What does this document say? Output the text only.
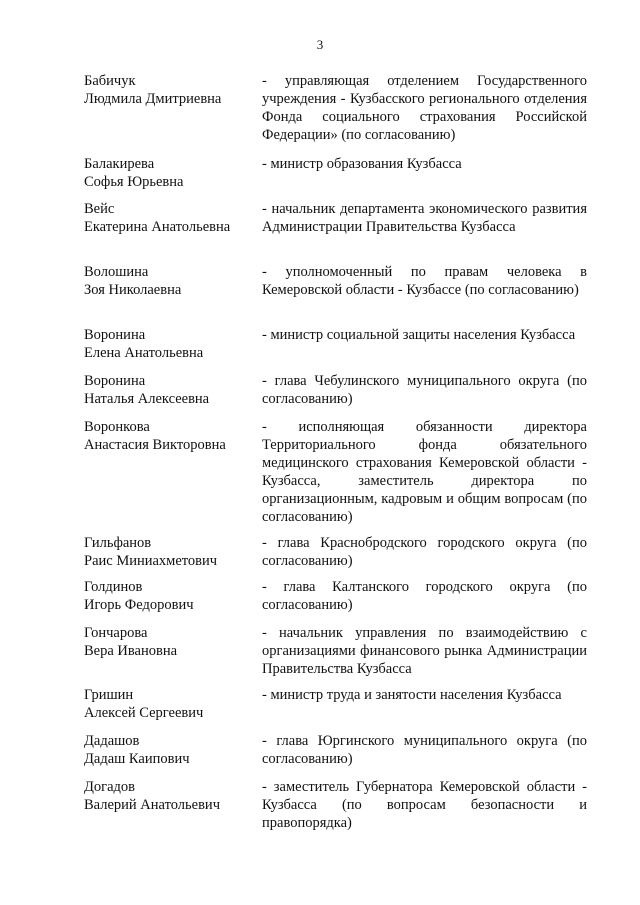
3
Бабичук
Людмила Дмитриевна
- управляющая отделением Государственного учреждения - Кузбасского регионального отделения Фонда социального страхования Российской Федерации» (по согласованию)
Балакирева
Софья Юрьевна
- министр образования Кузбасса
Вейс
Екатерина Анатольевна
- начальник департамента экономического развития Администрации Правительства Кузбасса
Волошина
Зоя Николаевна
- уполномоченный по правам человека в Кемеровской области - Кузбассе (по согласованию)
Воронина
Елена Анатольевна
- министр социальной защиты населения Кузбасса
Воронина
Наталья Алексеевна
- глава Чебулинского муниципального округа (по согласованию)
Воронкова
Анастасия Викторовна
- исполняющая обязанности директора Территориального фонда обязательного медицинского страхования Кемеровской области - Кузбасса, заместитель директора по организационным, кадровым и общим вопросам (по согласованию)
Гильфанов
Раис Миниахметович
- глава Краснобродского городского округа (по согласованию)
Голдинов
Игорь Федорович
- глава Калтанского городского округа (по согласованию)
Гончарова
Вера Ивановна
- начальник управления по взаимодействию с организациями финансового рынка Администрации Правительства Кузбасса
Гришин
Алексей Сергеевич
- министр труда и занятости населения Кузбасса
Дадашов
Дадаш Каипович
- глава Юргинского муниципального округа (по согласованию)
Догадов
Валерий Анатольевич
- заместитель Губернатора Кемеровской области - Кузбасса (по вопросам безопасности и правопорядка)
